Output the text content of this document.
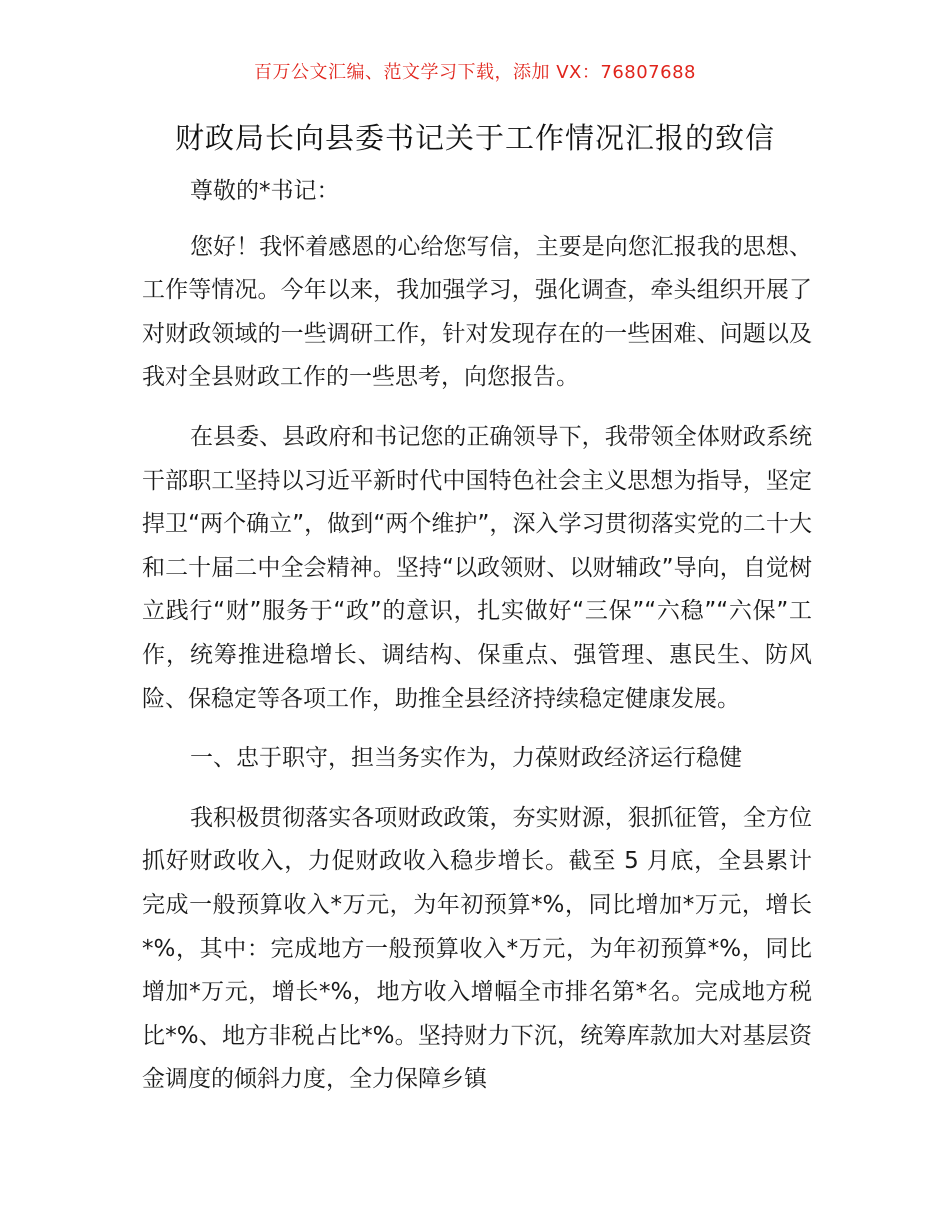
百万公文汇编、范文学习下载，添加 VX：76807688
财政局长向县委书记关于工作情况汇报的致信

尊敬的*书记：

您好！我怀着感恩的心给您写信，主要是向您汇报我的思想、工作等情况。今年以来，我加强学习，强化调查，牵头组织开展了对财政领域的一些调研工作，针对发现存在的一些困难、问题以及我对全县财政工作的一些思考，向您报告。

在县委、县政府和书记您的正确领导下，我带领全体财政系统干部职工坚持以习近平新时代中国特色社会主义思想为指导，坚定捍卫“两个确立”，做到“两个维护”，深入学习贯彻落实党的二十大和二十届二中全会精神。坚持“以政领财、以财辅政”导向，自觉树立践行“财”服务于“政”的意识，扎实做好“三保”“六稳”“六保”工作，统筹推进稳增长、调结构、保重点、强管理、惠民生、防风险、保稳定等各项工作，助推全县经济持续稳定健康发展。

一、忠于职守，担当务实作为，力葆财政经济运行稳健

我积极贯彻落实各项财政政策，夯实财源，狠抓征管，全方位抓好财政收入，力促财政收入稳步增长。截至 5 月底，全县累计完成一般预算收入*万元，为年初预算*%，同比增加*万元，增长*%，其中：完成地方一般预算收入*万元，为年初预算*%，同比增加*万元，增长*%，地方收入增幅全市排名第*名。完成地方税比*%、地方非税占比*%。坚持财力下沉，统筹库款加大对基层资金调度的倾斜力度，全力保障乡镇
